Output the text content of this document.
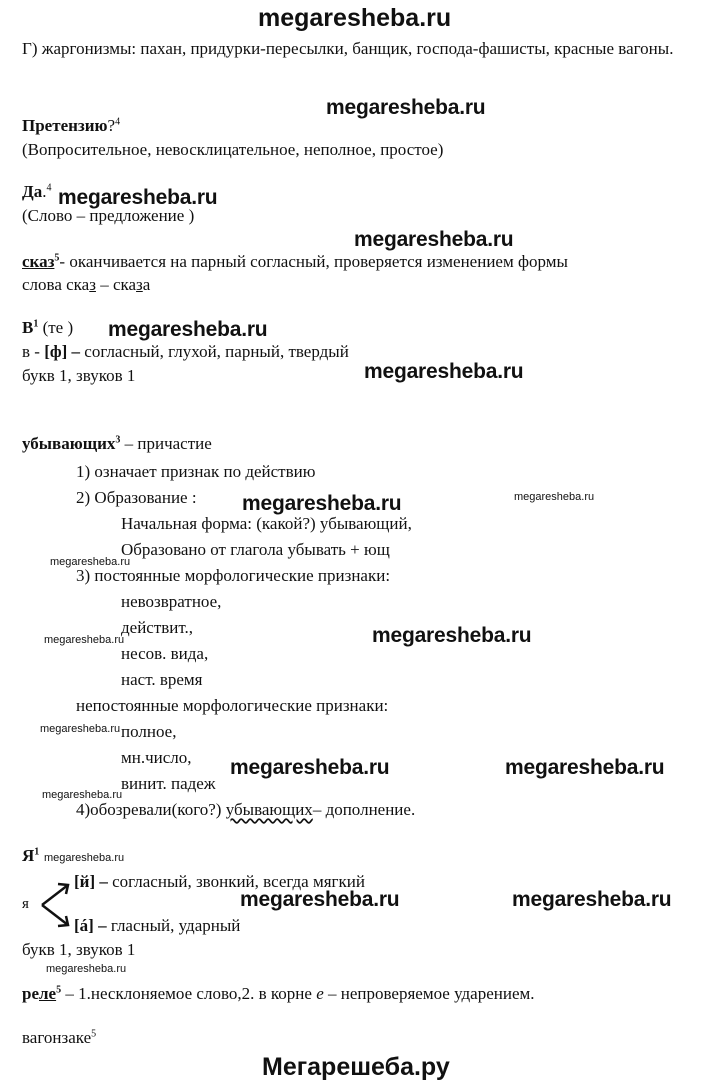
megaresheba.ru
Г) жаргонизмы: пахан, придурки-пересылки, банщик, господа-фашисты, красные вагоны.
megaresheba.ru
megaresheba.ru
megaresheba.ru
megaresheba.ru
megaresheba.ru
megaresheba.ru
megaresheba.ru
megaresheba.ru	megaresheba.ru
megaresheba.ru	megaresheba.ru
megaresheba.ru
megaresheba.ru
megaresheba.ru
megaresheba.ru
megaresheba.ru
megaresheba.ru
megaresheba.ru
Претензию?$^4$
(Вопросительное, невосклицательное, неполное, простое)
Да.$^4$
(Слово – предложение )
сказ$^5$- оканчивается на парный согласный, проверяется изменением формы
слова сказ – сказа
$В^1$ (те )
в - [ф] – согласный, глухой, парный, твердый
букв 1, звуков 1
убывающих$^3$ – причастие
1) означает признак по действию
2) Образование :
Начальная форма: (какой?) убывающий,
Образовано от глагола убывать + ющ
3) постоянные морфологические признаки:
невозвратное,
действит.,
несов. вида,
наст. время
непостоянные морфологические признаки:
полное,
мн.число,
винит. падеж
4)обозревали(кого?) убывающих– дополнение.
$Я^1$
я
[й] – согласный, звонкий, всегда мягкий
[á] – гласный, ударный
букв 1, звуков 1
реле$^5$ – 1.несклоняемое слово,2. в корне е – непроверяемое ударением.
вагонзаке$^5$
Мегарешеба.ру
